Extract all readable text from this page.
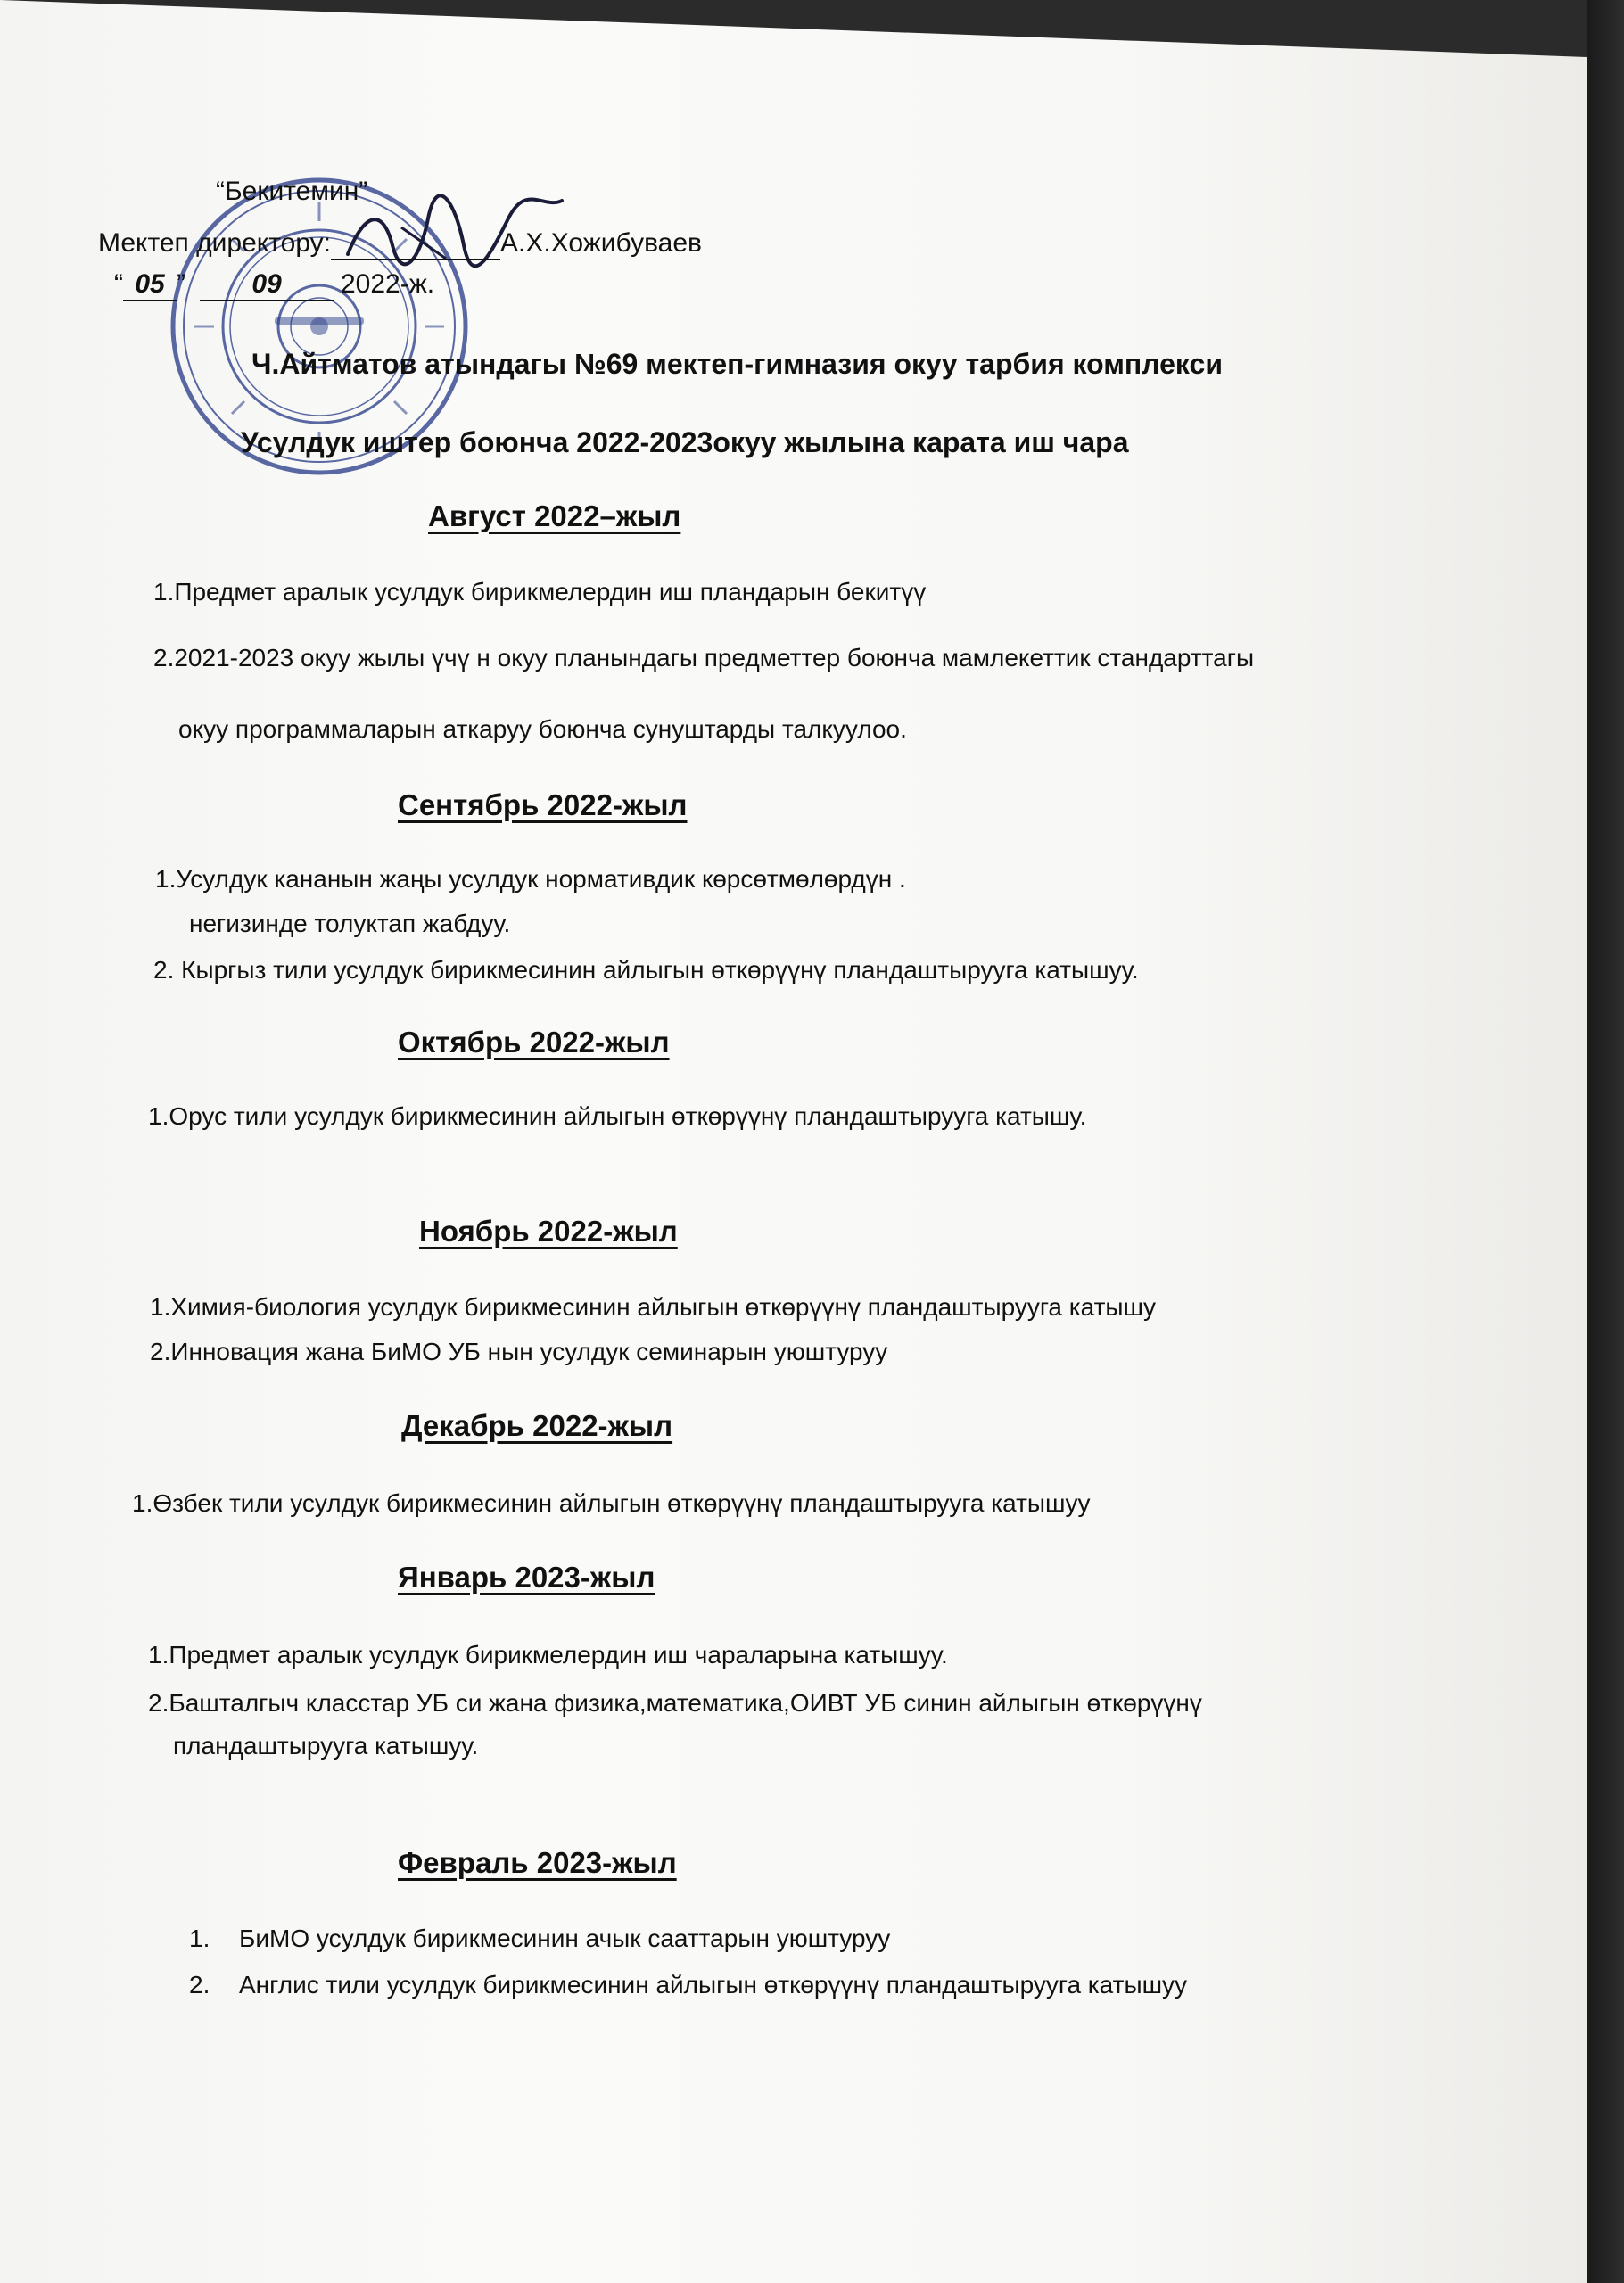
“Бекитемин”
Мектеп директору:	А.Х.Хожибуваев
“ 05 ” 09 2022-ж.
Ч.Айтматов атындагы №69 мектеп-гимназия окуу тарбия комплекси
Усулдук иштер боюнча 2022-2023окуу жылына карата иш чара
Август 2022–жыл
1.Предмет аралык усулдук бирикмелердин иш пландарын бекитүү
2.2021-2023 окуу жылы үчү н окуу планындагы предметтер боюнча мамлекеттик стандарттагы
окуу программаларын аткаруу боюнча сунуштарды талкуулоо.
Сентябрь 2022-жыл
1.Усулдук кананын жаңы усулдук нормативдик көрсөтмөлөрдүн .
негизинде толуктап жабдуу.
2. Кыргыз тили усулдук бирикмесинин айлыгын өткөрүүнү пландаштырууга катышуу.
Октябрь 2022-жыл
1.Орус тили усулдук бирикмесинин айлыгын өткөрүүнү пландаштырууга катышу.
Ноябрь 2022-жыл
1.Химия-биология усулдук бирикмесинин айлыгын өткөрүүнү пландаштырууга катышу
2.Инновация жана БиМО УБ нын усулдук семинарын уюштуруу
Декабрь 2022-жыл
1.Өзбек тили усулдук бирикмесинин айлыгын өткөрүүнү пландаштырууга катышуу
Январь 2023-жыл
1.Предмет аралык усулдук бирикмелердин иш чараларына катышуу.
2.Башталгыч класстар УБ си жана физика,математика,ОИВТ УБ синин айлыгын өткөрүүнү
пландаштырууга катышуу.
Февраль 2023-жыл
1. БиМО усулдук бирикмесинин ачык сааттарын уюштуруу
2. Англис тили усулдук бирикмесинин айлыгын өткөрүүнү пландаштырууга катышуу
